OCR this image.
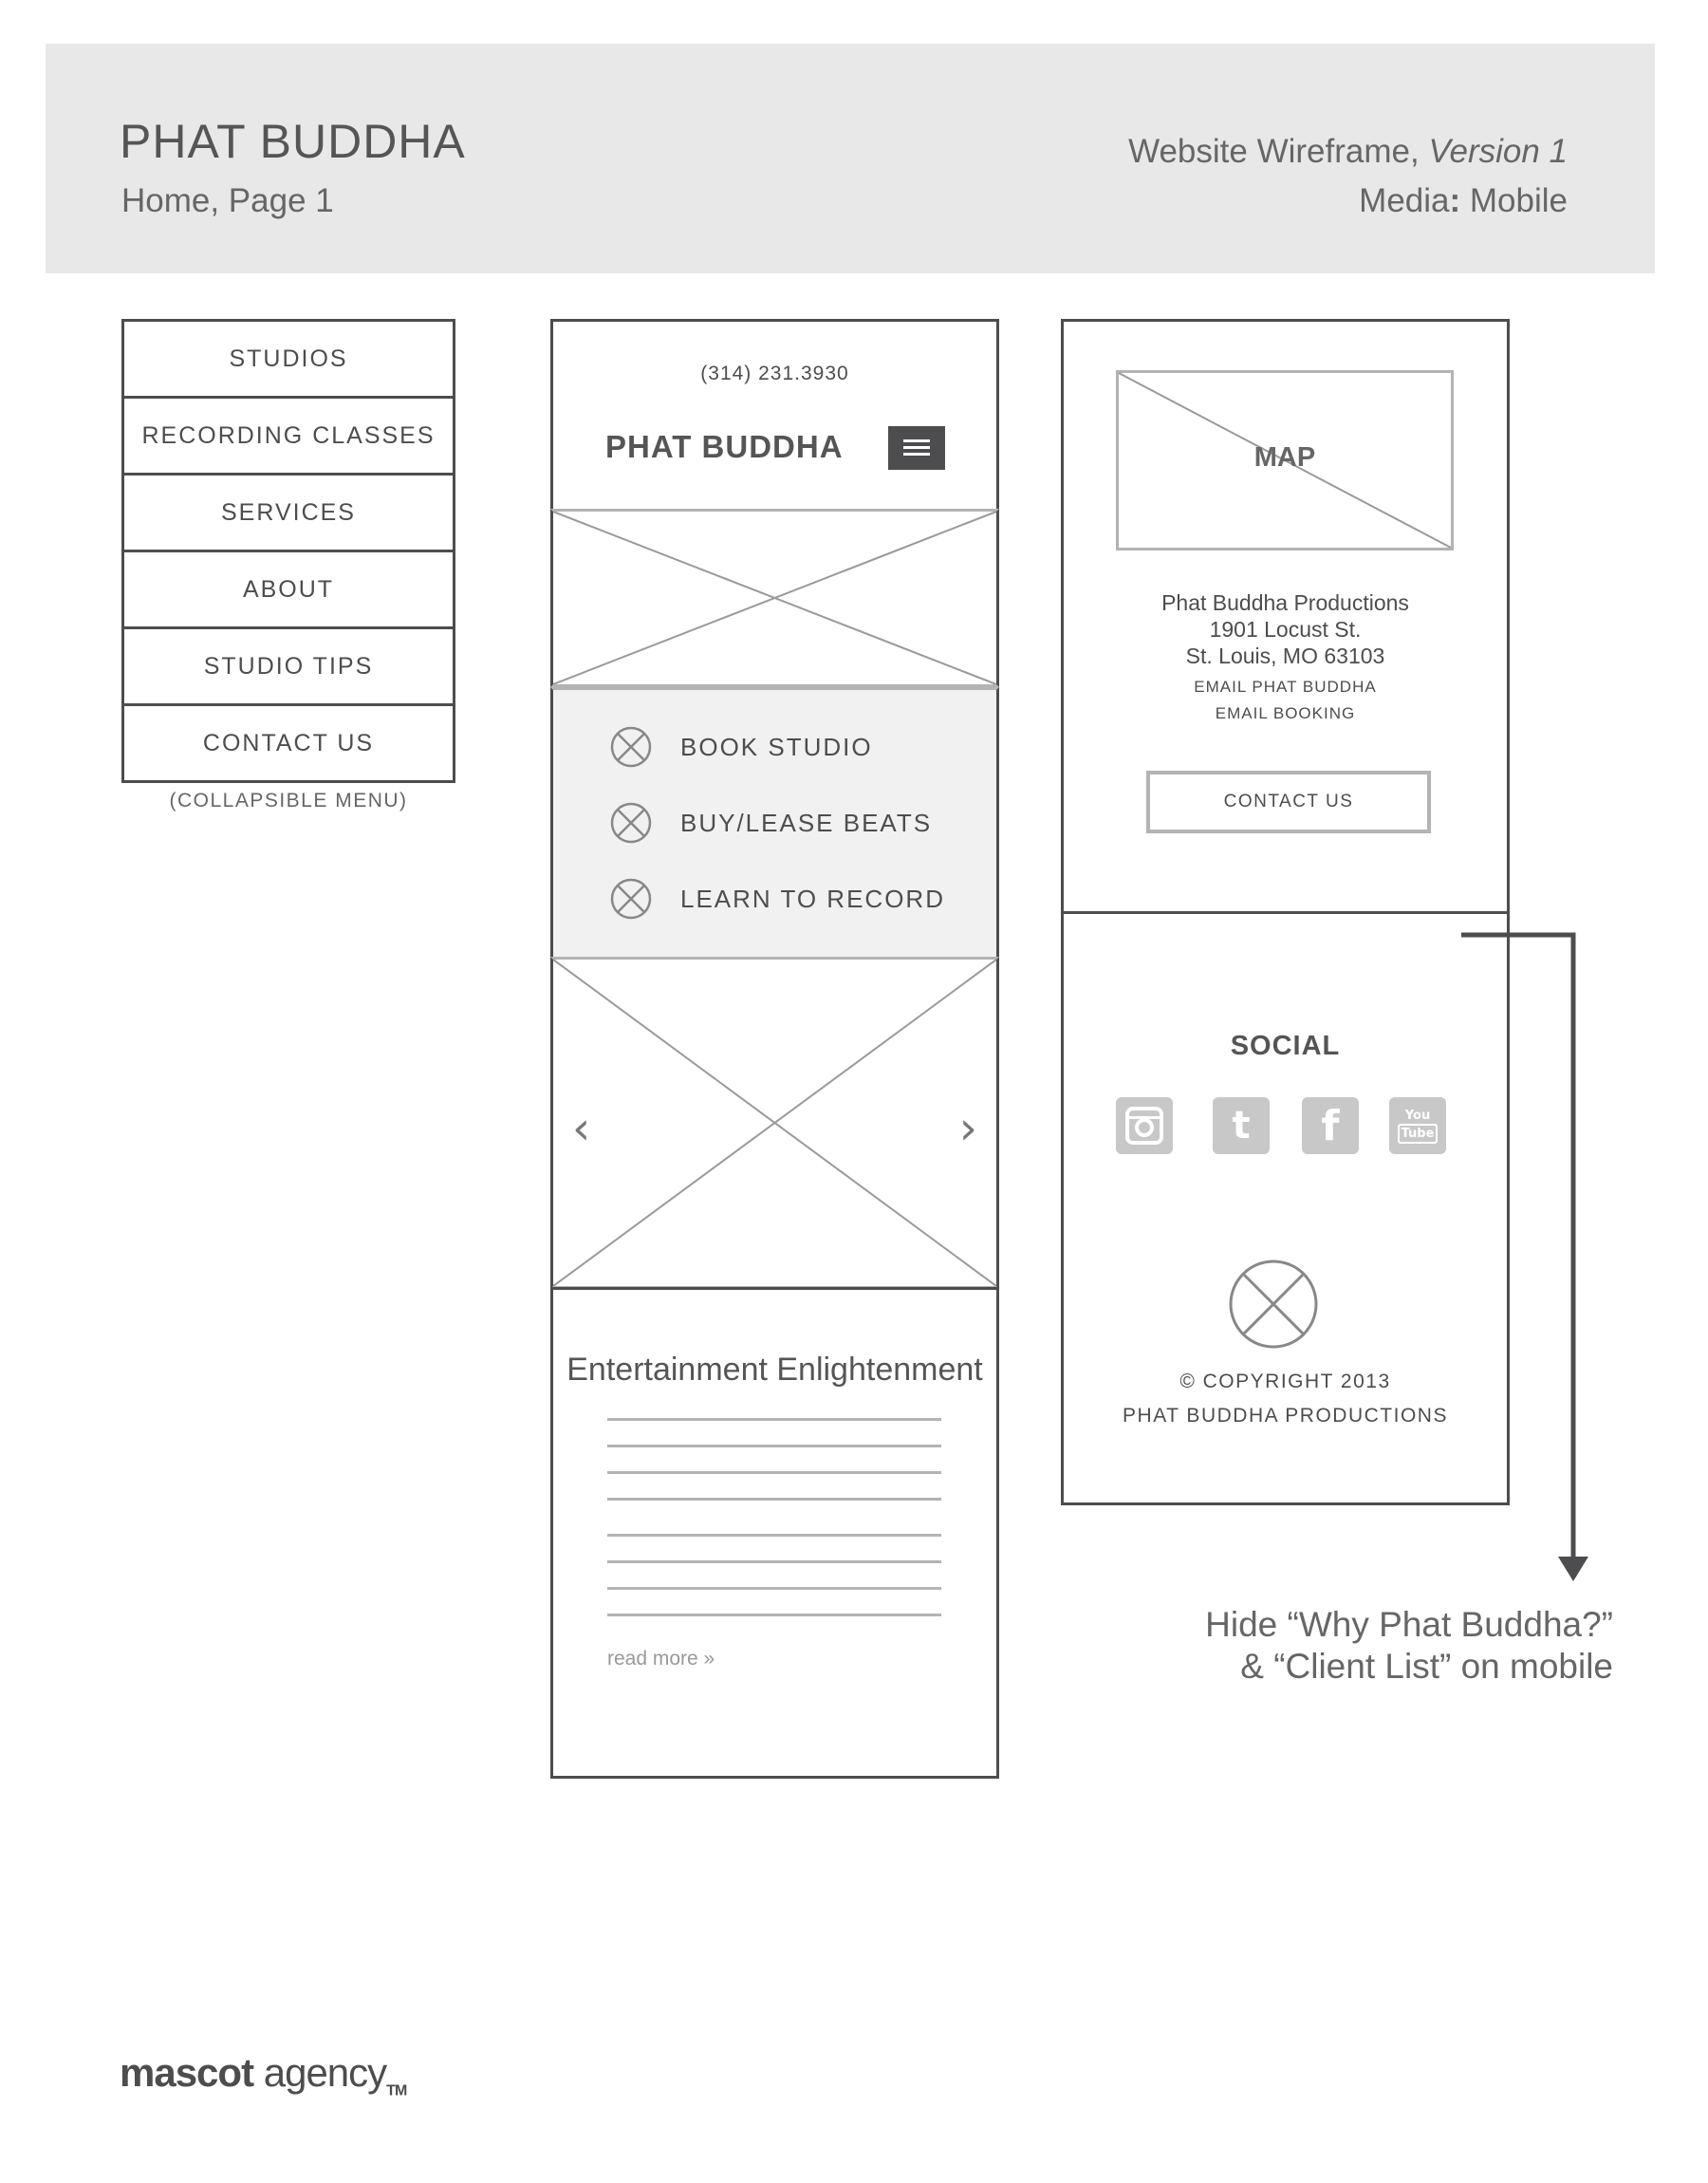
PHAT BUDDHA
Home, Page 1
Website Wireframe, Version 1
Media: Mobile
STUDIOS
RECORDING CLASSES
SERVICES
ABOUT
STUDIO TIPS
CONTACT US
(COLLAPSIBLE MENU)
(314) 231.3930
PHAT BUDDHA
BOOK STUDIO
BUY/LEASE BEATS
LEARN TO RECORD
‹	›
Entertainment Enlightenment
read more »
MAP
Phat Buddha Productions
1901 Locust St.
St. Louis, MO 63103
EMAIL PHAT BUDDHA
EMAIL BOOKING
CONTACT US
SOCIAL
t f	You
Tube
© COPYRIGHT 2013
PHAT BUDDHA PRODUCTIONS
Hide “Why Phat Buddha?”
& “Client List” on mobile
mascot agency$_{TM}$
